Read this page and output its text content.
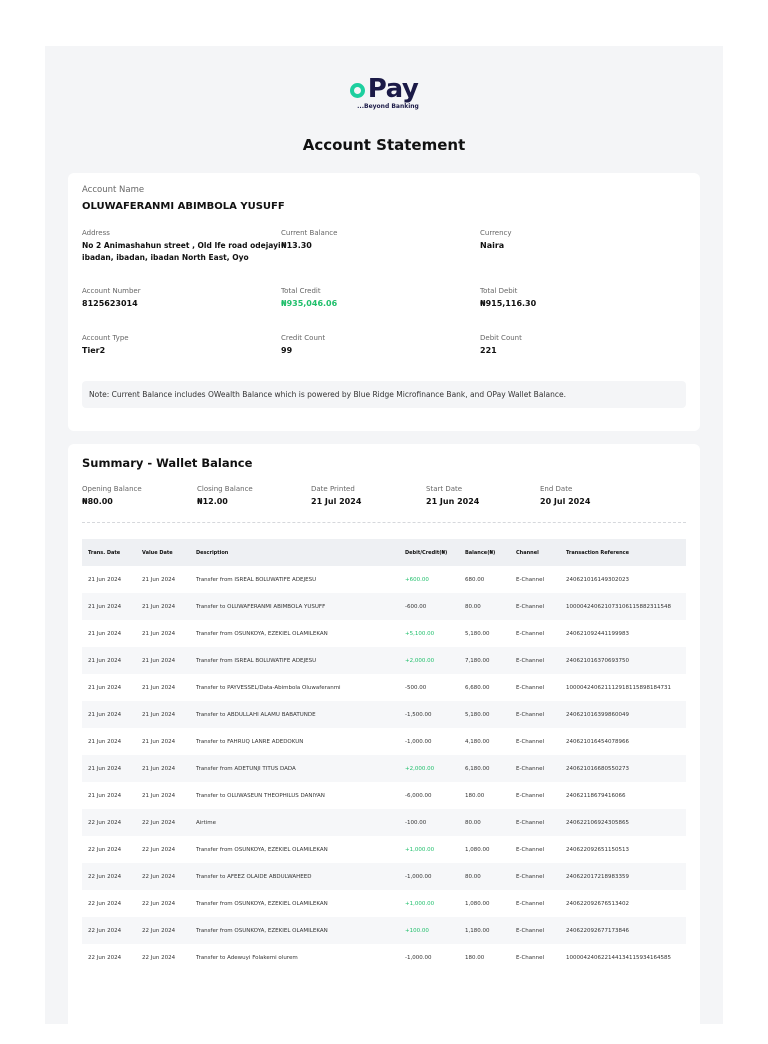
Pay
...Beyond Banking
Account Statement
Account Name
OLUWAFERANMI ABIMBOLA YUSUFF
Address
No 2 Animashahun street , Old Ife road odejayi
ibadan, ibadan, ibadan North East, Oyo
Current Balance
₦13.30
Currency
Naira
Account Number
8125623014
Total Credit
₦935,046.06
Total Debit
₦915,116.30
Account Type
Tier2
Credit Count
99
Debit Count
221
Note: Current Balance includes OWealth Balance which is powered by Blue Ridge Microfinance Bank, and OPay Wallet Balance.
Summary - Wallet Balance
Opening Balance
₦80.00
Closing Balance
₦12.00
Date Printed
21 Jul 2024
Start Date
21 Jun 2024
End Date
20 Jul 2024
Trans. Date	Value Date	Description	Debit/Credit(₦)	Balance(₦)	Channel	Transaction Reference
21 Jun 2024	21 Jun 2024	Transfer from ISREAL BOLUWATIFE ADEJESU	+600.00	680.00	E-Channel	240621016149302023
21 Jun 2024	21 Jun 2024	Transfer to OLUWAFERANMI ABIMBOLA YUSUFF	-600.00	80.00	E-Channel	100004240621073106115882311548
21 Jun 2024	21 Jun 2024	Transfer from OSUNKOYA, EZEKIEL OLAMILEKAN	+5,100.00	5,180.00	E-Channel	240621092441199983
21 Jun 2024	21 Jun 2024	Transfer from ISREAL BOLUWATIFE ADEJESU	+2,000.00	7,180.00	E-Channel	240621016370693750
21 Jun 2024	21 Jun 2024	Transfer to PAYVESSEL/Data-Abimbola Oluwaferanmi	-500.00	6,680.00	E-Channel	100004240621112918115898184731
21 Jun 2024	21 Jun 2024	Transfer to ABDULLAHI ALAMU BABATUNDE	-1,500.00	5,180.00	E-Channel	240621016399860049
21 Jun 2024	21 Jun 2024	Transfer to FAHRUQ LANRE ADEDOKUN	-1,000.00	4,180.00	E-Channel	240621016454078966
21 Jun 2024	21 Jun 2024	Transfer from ADETUNJI TITUS DADA	+2,000.00	6,180.00	E-Channel	240621016680550273
21 Jun 2024	21 Jun 2024	Transfer to OLUWASEUN THEOPHILUS DANIYAN	-6,000.00	180.00	E-Channel	24062118679416066
22 Jun 2024	22 Jun 2024	Airtime	-100.00	80.00	E-Channel	240622106924305865
22 Jun 2024	22 Jun 2024	Transfer from OSUNKOYA, EZEKIEL OLAMILEKAN	+1,000.00	1,080.00	E-Channel	240622092651150513
22 Jun 2024	22 Jun 2024	Transfer to AFEEZ OLAIDE ABDULWAHEED	-1,000.00	80.00	E-Channel	240622017218983359
22 Jun 2024	22 Jun 2024	Transfer from OSUNKOYA, EZEKIEL OLAMILEKAN	+1,000.00	1,080.00	E-Channel	240622092676513402
22 Jun 2024	22 Jun 2024	Transfer from OSUNKOYA, EZEKIEL OLAMILEKAN	+100.00	1,180.00	E-Channel	240622092677173846
22 Jun 2024	22 Jun 2024	Transfer to Adewuyi Folakemi olurem	-1,000.00	180.00	E-Channel	100004240622144134115934164585
